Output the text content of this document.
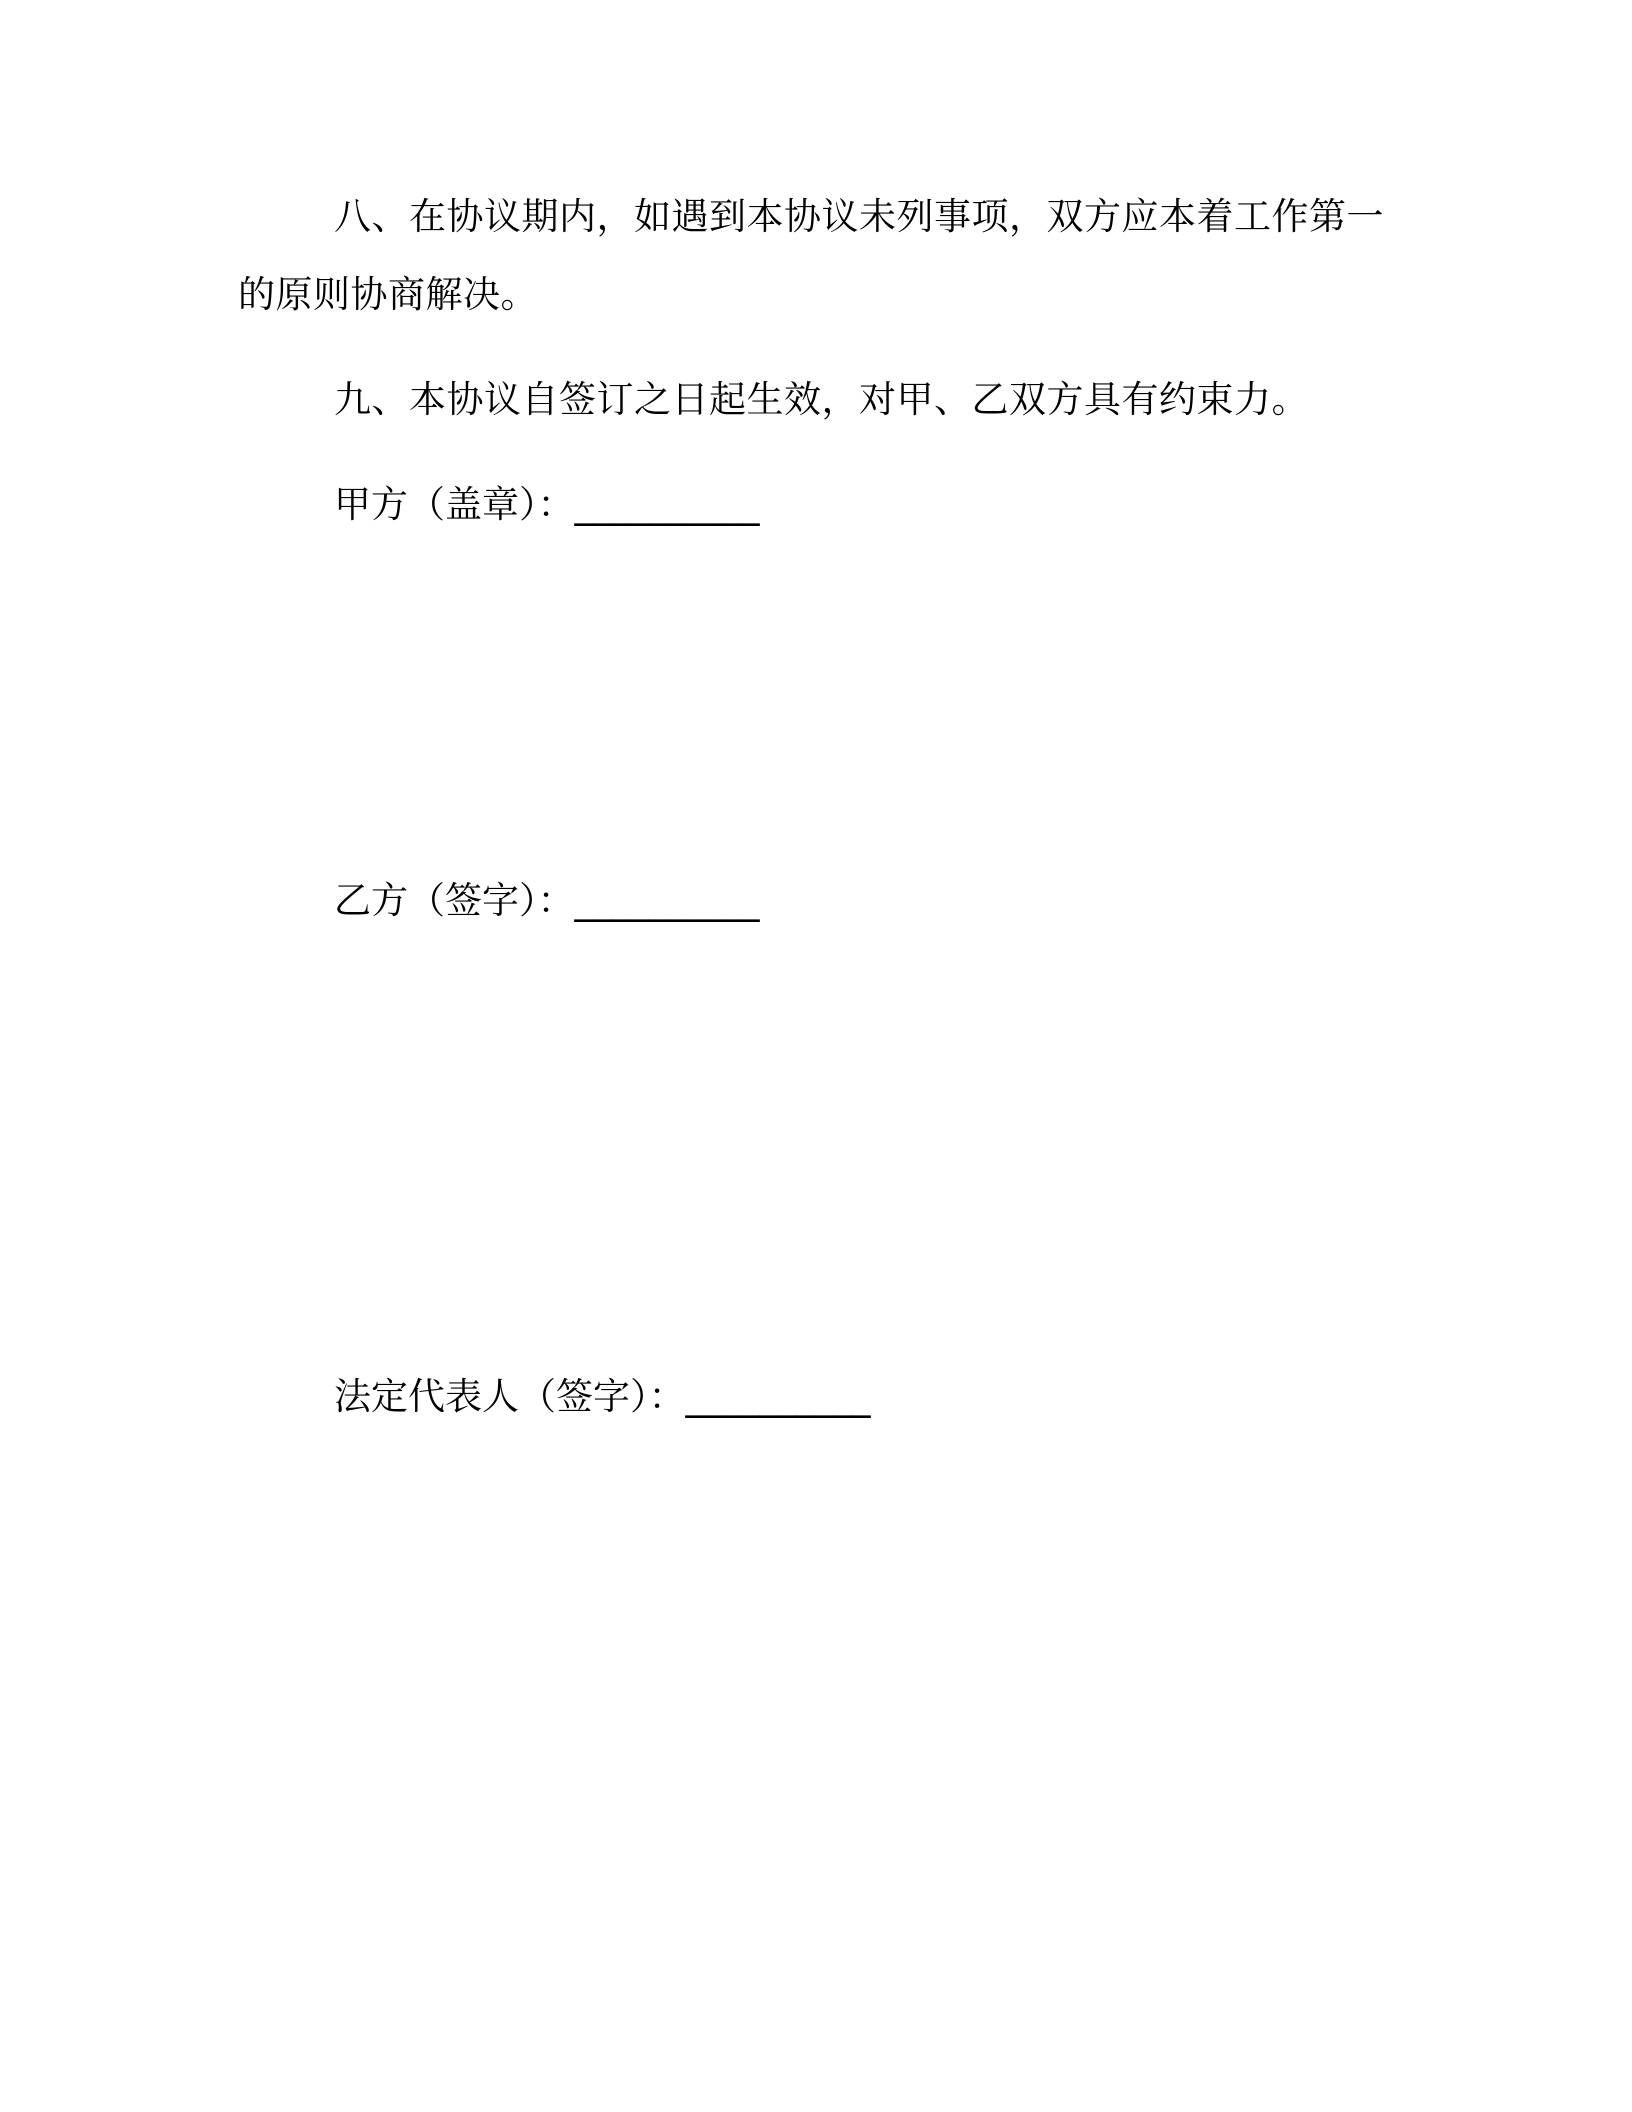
八、在协议期内，如遇到本协议未列事项，双方应本着工作第一的原则协商解决。

九、本协议自签订之日起生效，对甲、乙双方具有约束力。

甲方（盖章）：__________

乙方（签字）：__________

法定代表人（签字）：__________
